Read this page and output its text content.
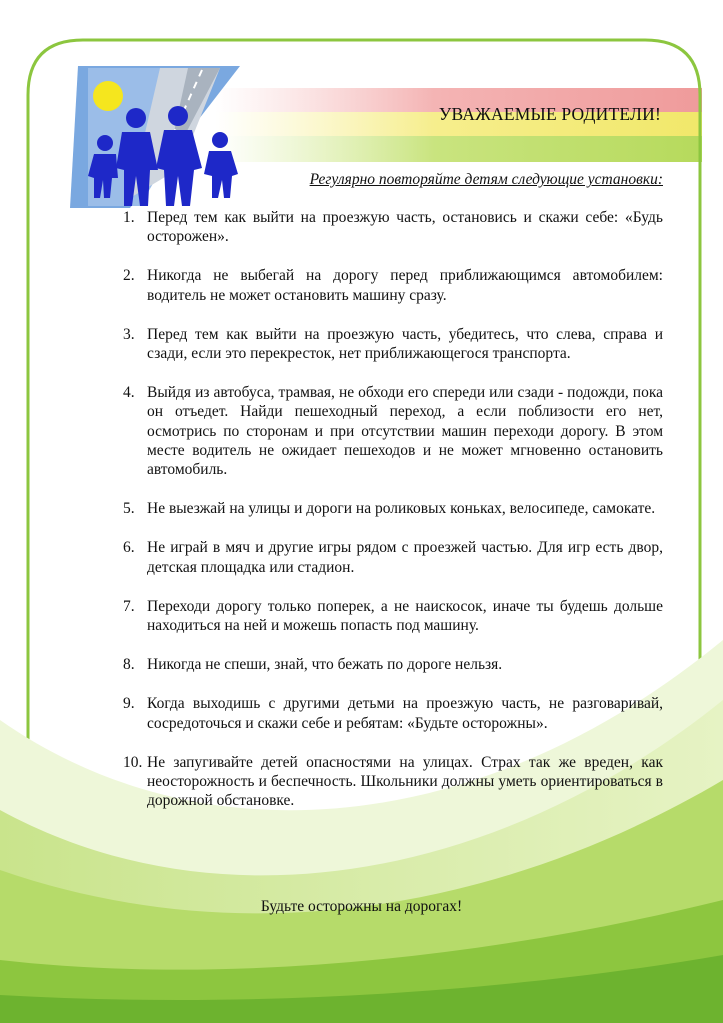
УВАЖАЕМЫЕ РОДИТЕЛИ!
Регулярно повторяйте детям следующие установки:
1. Перед тем как выйти на проезжую часть, остановись и скажи себе: «Будь осторожен».
2. Никогда не выбегай на дорогу перед приближающимся автомобилем: водитель не может остановить машину сразу.
3. Перед тем как выйти на проезжую часть, убедитесь, что слева, справа и сзади, если это перекресток, нет приближающегося транспорта.
4. Выйдя из автобуса, трамвая, не обходи его спереди или сзади - подожди, пока он отъедет. Найди пешеходный переход, а если поблизости его нет, осмотрись по сторонам и при отсутствии машин переходи дорогу. В этом месте водитель не ожидает пешеходов и не может мгновенно остановить автомобиль.
5. Не выезжай на улицы и дороги на роликовых коньках, велосипеде, самокате.
6. Не играй в мяч и другие игры рядом с проезжей частью. Для игр есть двор, детская площадка или стадион.
7. Переходи дорогу только поперек, а не наискосок, иначе ты будешь дольше находиться на ней и можешь попасть под машину.
8. Никогда не спеши, знай, что бежать по дороге нельзя.
9. Когда выходишь с другими детьми на проезжую часть, не разговаривай, сосредоточься и скажи себе и ребятам: «Будьте осторожны».
10. Не запугивайте детей опасностями на улицах. Страх так же вреден, как неосторожность и беспечность. Школьники должны уметь ориентироваться в дорожной обстановке.
Будьте осторожны на дорогах!
